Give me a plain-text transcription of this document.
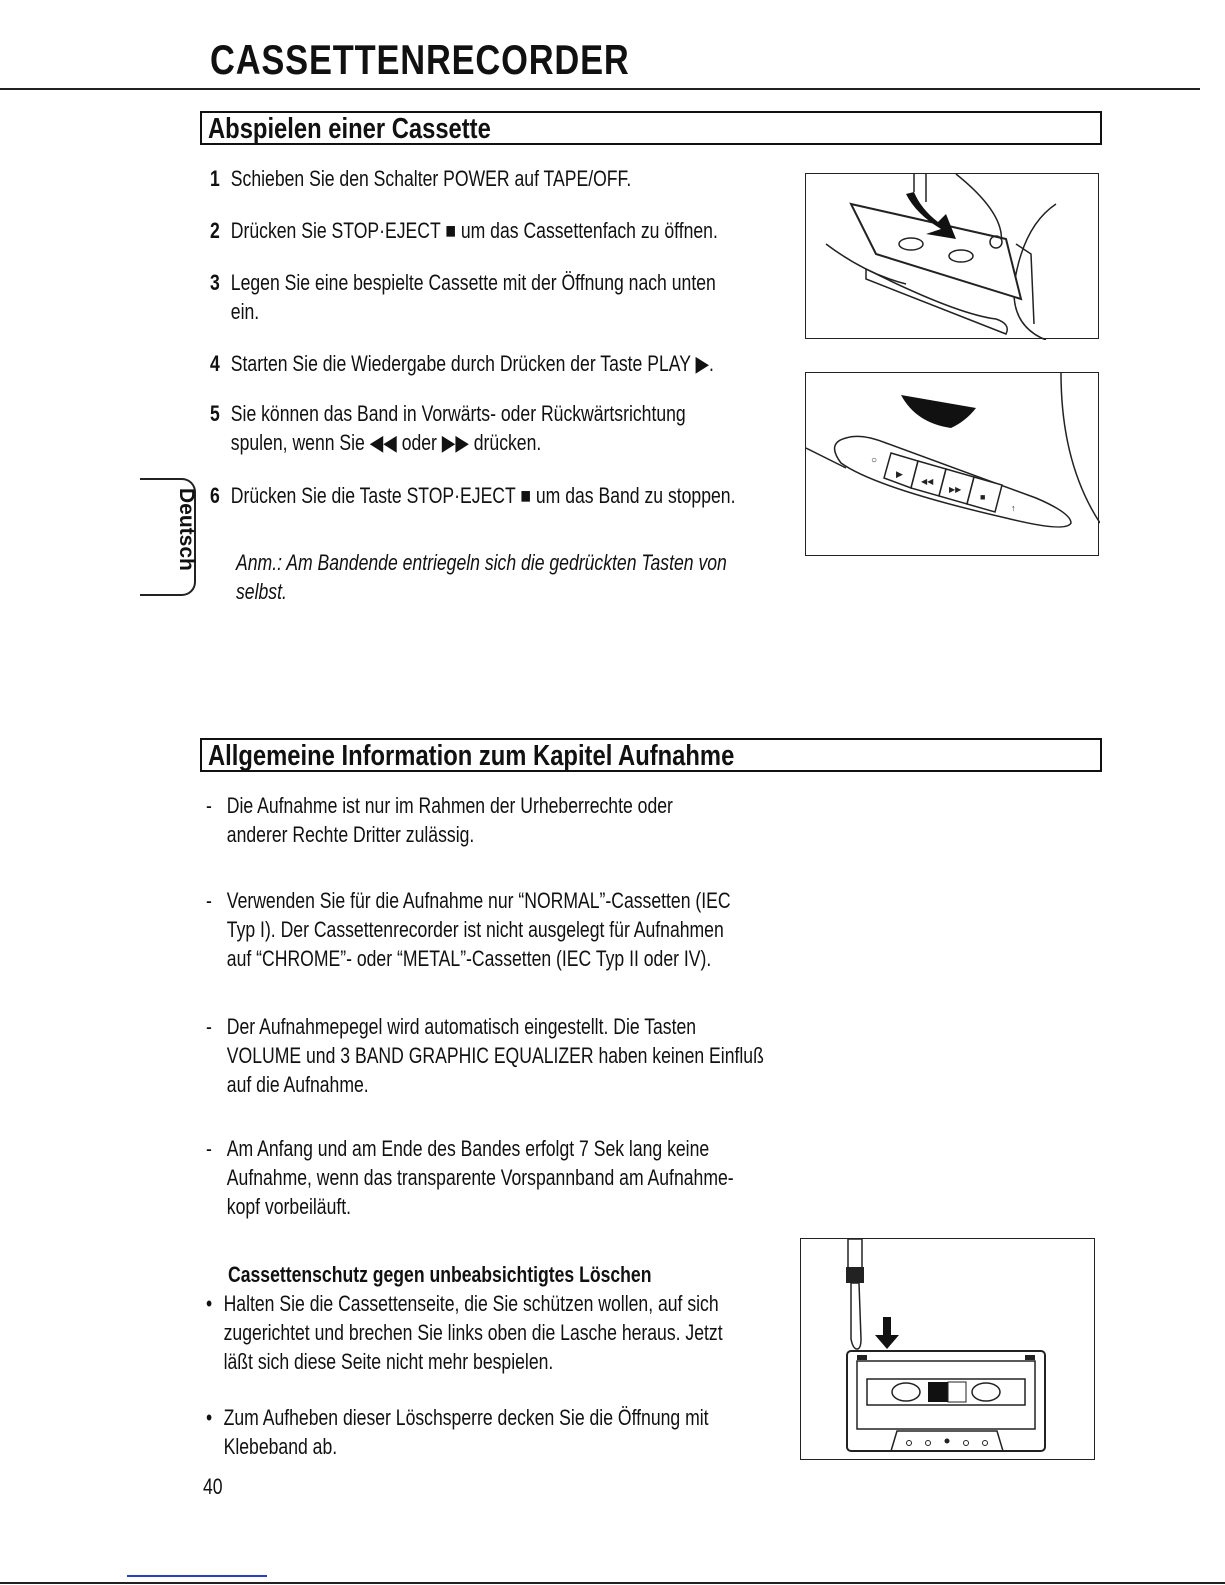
CASSETTENRECORDER
Abspielen einer Cassette
1 Schieben Sie den Schalter POWER auf TAPE/OFF.
2 Drücken Sie STOP·EJECT ■ um das Cassettenfach zu öffnen.
3 Legen Sie eine bespielte Cassette mit der Öffnung nach unten
ein.
4 Starten Sie die Wiedergabe durch Drücken der Taste PLAY ▶.
5 Sie können das Band in Vorwärts- oder Rückwärtsrichtung
spulen, wenn Sie ◀◀ oder ▶▶ drücken.
6 Drücken Sie die Taste STOP·EJECT ■ um das Band zu stoppen.
Anm.: Am Bandende entriegeln sich die gedrückten Tasten von
selbst.
Deutsch
○
▶
◀◀
▶▶
■
↑
Allgemeine Information zum Kapitel Aufnahme
- Die Aufnahme ist nur im Rahmen der Urheberrechte oder
anderer Rechte Dritter zulässig.
- Verwenden Sie für die Aufnahme nur “NORMAL”-Cassetten (IEC
Typ I). Der Cassettenrecorder ist nicht ausgelegt für Aufnahmen
auf “CHROME”- oder “METAL”-Cassetten (IEC Typ II oder IV).
- Der Aufnahmepegel wird automatisch eingestellt. Die Tasten
VOLUME und 3 BAND GRAPHIC EQUALIZER haben keinen Einfluß
auf die Aufnahme.
- Am Anfang und am Ende des Bandes erfolgt 7 Sek lang keine
Aufnahme, wenn das transparente Vorspannband am Aufnahme-
kopf vorbeiläuft.
Cassettenschutz gegen unbeabsichtigtes Löschen
• Halten Sie die Cassettenseite, die Sie schützen wollen, auf sich
zugerichtet und brechen Sie links oben die Lasche heraus. Jetzt
läßt sich diese Seite nicht mehr bespielen.
• Zum Aufheben dieser Löschsperre decken Sie die Öffnung mit
Klebeband ab.
40
